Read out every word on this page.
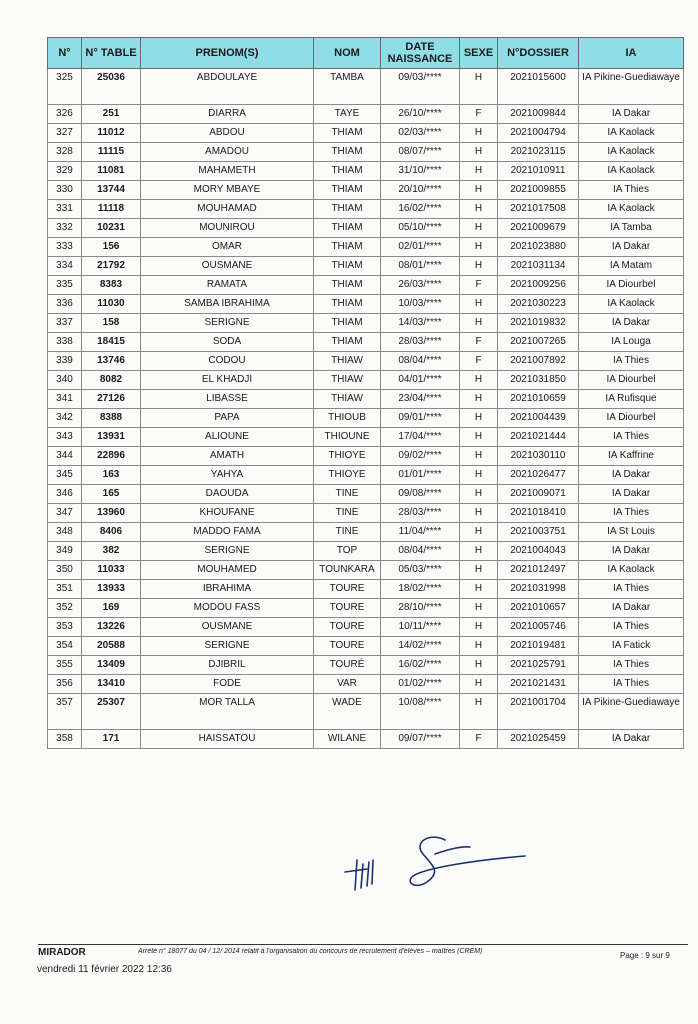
N°	N° TABLE	PRENOM(S)	NOM	DATE NAISSANCE	SEXE	N°DOSSIER	IA
325	25036	ABDOULAYE	TAMBA	09/03/****	H	2021015600	IA Pikine-Guediawaye
326	251	DIARRA	TAYE	26/10/****	F	2021009844	IA Dakar
327	11012	ABDOU	THIAM	02/03/****	H	2021004794	IA Kaolack
328	11115	AMADOU	THIAM	08/07/****	H	2021023115	IA Kaolack
329	11081	MAHAMETH	THIAM	31/10/****	H	2021010911	IA Kaolack
330	13744	MORY MBAYE	THIAM	20/10/****	H	2021009855	IA Thies
331	11118	MOUHAMAD	THIAM	16/02/****	H	2021017508	IA Kaolack
332	10231	MOUNIROU	THIAM	05/10/****	H	2021009679	IA Tamba
333	156	OMAR	THIAM	02/01/****	H	2021023880	IA Dakar
334	21792	OUSMANE	THIAM	08/01/****	H	2021031134	IA Matam
335	8383	RAMATA	THIAM	26/03/****	F	2021009256	IA Diourbel
336	11030	SAMBA IBRAHIMA	THIAM	10/03/****	H	2021030223	IA Kaolack
337	158	SERIGNE	THIAM	14/03/****	H	2021019832	IA Dakar
338	18415	SODA	THIAM	28/03/****	F	2021007265	IA Louga
339	13746	CODOU	THIAW	08/04/****	F	2021007892	IA Thies
340	8082	EL KHADJI	THIAW	04/01/****	H	2021031850	IA Diourbel
341	27126	LIBASSE	THIAW	23/04/****	H	2021010659	IA Rufisque
342	8388	PAPA	THIOUB	09/01/****	H	2021004439	IA Diourbel
343	13931	ALIOUNE	THIOUNE	17/04/****	H	2021021444	IA Thies
344	22896	AMATH	THIOYE	09/02/****	H	2021030110	IA Kaffrine
345	163	YAHYA	THIOYE	01/01/****	H	2021026477	IA Dakar
346	165	DAOUDA	TINE	09/08/****	H	2021009071	IA Dakar
347	13960	KHOUFANE	TINE	28/03/****	H	2021018410	IA Thies
348	8406	MADDO FAMA	TINE	11/04/****	H	2021003751	IA St Louis
349	382	SERIGNE	TOP	08/04/****	H	2021004043	IA Dakar
350	11033	MOUHAMED	TOUNKARA	05/03/****	H	2021012497	IA Kaolack
351	13933	IBRAHIMA	TOURE	18/02/****	H	2021031998	IA Thies
352	169	MODOU FASS	TOURE	28/10/****	H	2021010657	IA Dakar
353	13226	OUSMANE	TOURE	10/11/****	H	2021005746	IA Thies
354	20588	SERIGNE	TOURE	14/02/****	H	2021019481	IA Fatick
355	13409	DJIBRIL	TOURÉ	16/02/****	H	2021025791	IA Thies
356	13410	FODE	VAR	01/02/****	H	2021021431	IA Thies
357	25307	MOR TALLA	WADE	10/08/****	H	2021001704	IA Pikine-Guediawaye
358	171	HAISSATOU	WILANE	09/07/****	F	2021025459	IA Dakar
MIRADOR	Arrêté n° 18077 du 04 / 12/ 2014 relatif à l'organisation du concours de recrutement d'élèves – maîtres (CREM)	Page : 9 sur 9
vendredi 11 février 2022 12:36
